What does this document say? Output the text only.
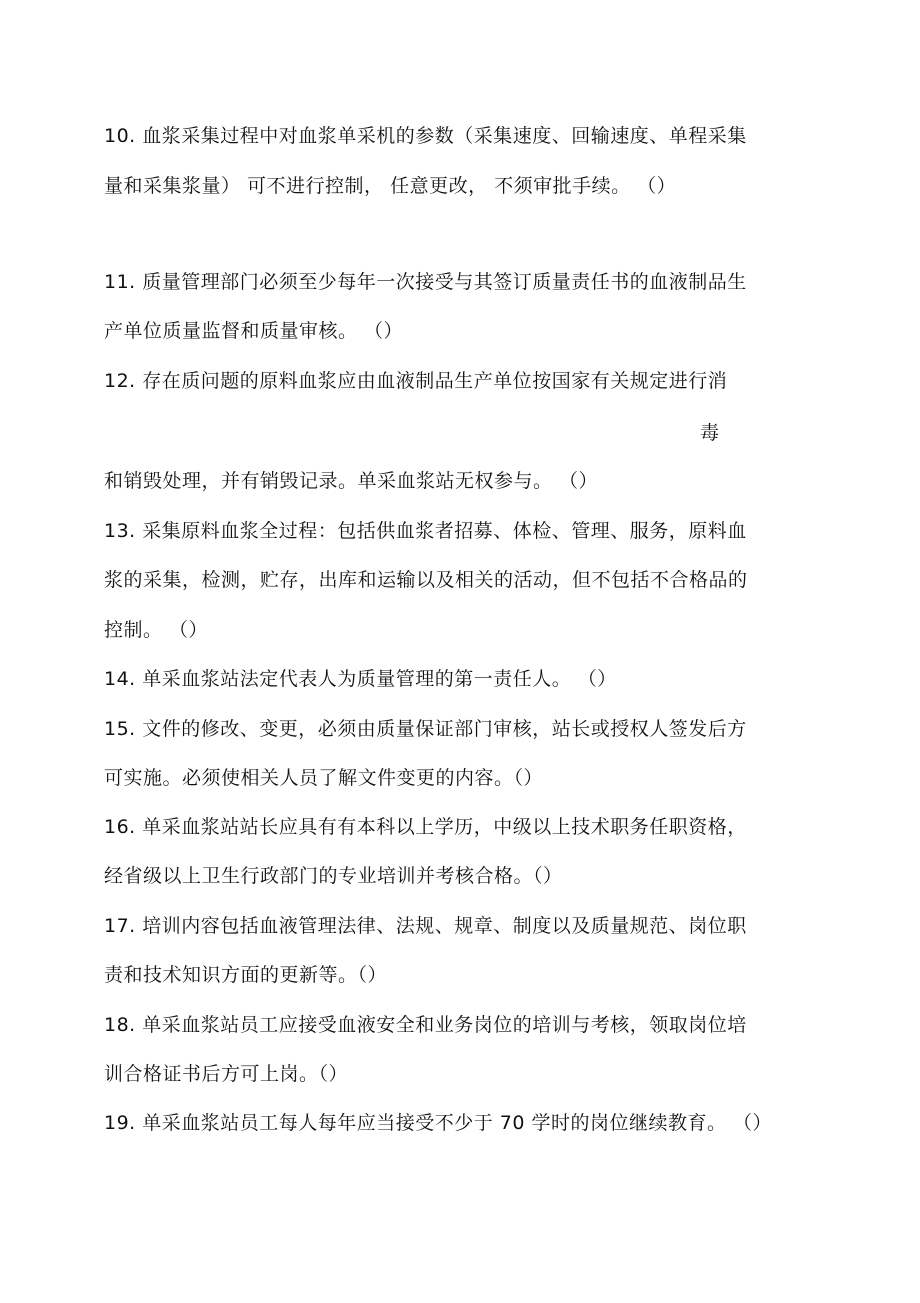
10. 血浆采集过程中对血浆单采机的参数（采集速度、回输速度、单程采集
量和采集浆量） 可不进行控制， 任意更改， 不须审批手续。 （）
11. 质量管理部门必须至少每年一次接受与其签订质量责任书的血液制品生
产单位质量监督和质量审核。 （）
12. 存在质问题的原料血浆应由血液制品生产单位按国家有关规定进行消
毒
和销毁处理，并有销毁记录。单采血浆站无权参与。 （）
13. 采集原料血浆全过程：包括供血浆者招募、体检、管理、服务，原料血
浆的采集，检测，贮存，出库和运输以及相关的活动，但不包括不合格品的
控制。 （）
14. 单采血浆站法定代表人为质量管理的第一责任人。 （）
15. 文件的修改、变更，必须由质量保证部门审核，站长或授权人签发后方
可实施。必须使相关人员了解文件变更的内容。（）
16. 单采血浆站站长应具有有本科以上学历，中级以上技术职务任职资格，
经省级以上卫生行政部门的专业培训并考核合格。（）
17. 培训内容包括血液管理法律、法规、规章、制度以及质量规范、岗位职
责和技术知识方面的更新等。（）
18. 单采血浆站员工应接受血液安全和业务岗位的培训与考核，领取岗位培
训合格证书后方可上岗。（）
19. 单采血浆站员工每人每年应当接受不少于 70 学时的岗位继续教育。 （）
